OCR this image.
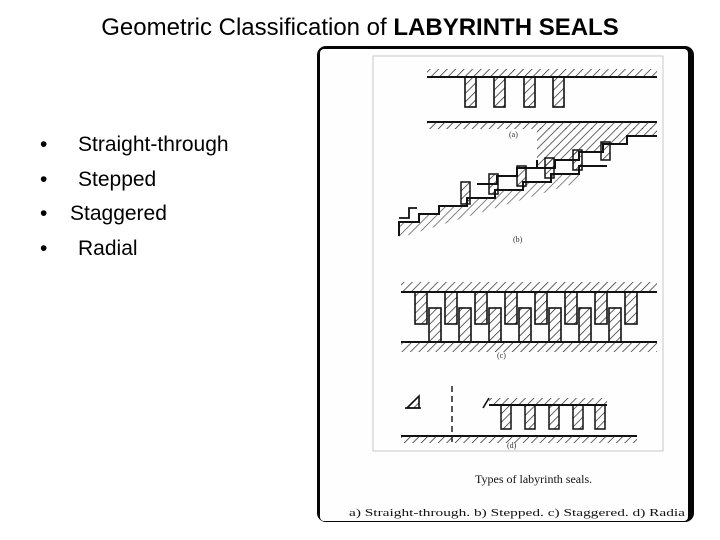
Geometric Classification of LABYRINTH SEALS
•	Straight-through
•	Stepped
•	Staggered
•	Radial
(a)
(b)
(c)
(d)
Types of labyrinth seals.
a) Straight-through. b) Stepped. c) Staggered. d) Radia
